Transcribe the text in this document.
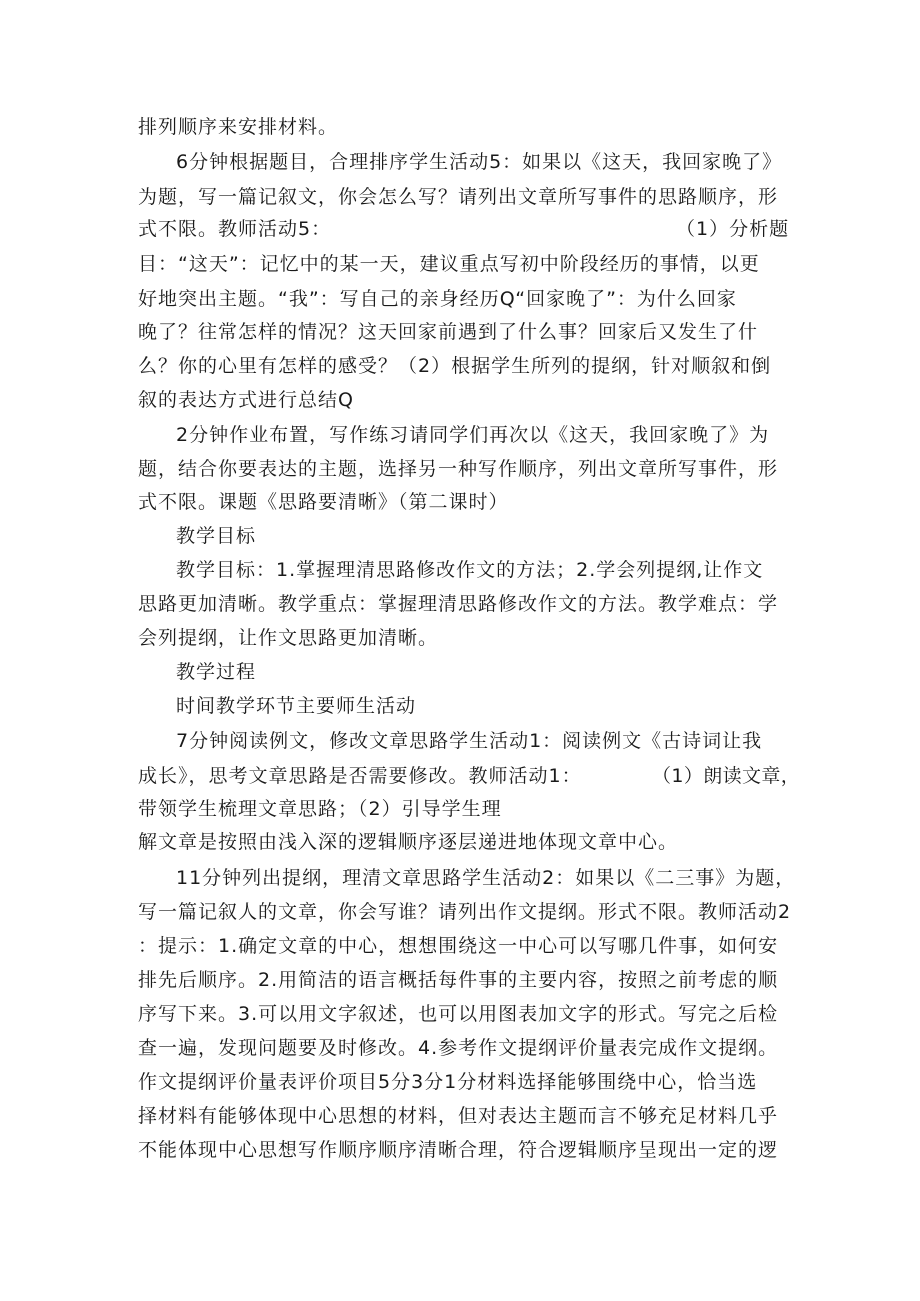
排列顺序来安排材料。
6分钟根据题目，合理排序学生活动5：如果以《这天，我回家晚了》
为题，写一篇记叙文，你会怎么写？请列出文章所写事件的思路顺序，形
式不限。教师活动5：	（1）分析题
目：“这天”：记忆中的某一天，建议重点写初中阶段经历的事情，以更
好地突出主题。“我”：写自己的亲身经历Q“回家晚了”：为什么回家
晚了？往常怎样的情况？这天回家前遇到了什么事？回家后又发生了什
么？你的心里有怎样的感受？（2）根据学生所列的提纲，针对顺叙和倒
叙的表达方式进行总结Q
2分钟作业布置，写作练习请同学们再次以《这天，我回家晚了》为
题，结合你要表达的主题，选择另一种写作顺序，列出文章所写事件，形
式不限。课题《思路要清晰》（第二课时）
教学目标
教学目标：1.掌握理清思路修改作文的方法；2.学会列提纲,让作文
思路更加清晰。教学重点：掌握理清思路修改作文的方法。教学难点：学
会列提纲，让作文思路更加清晰。
教学过程
时间教学环节主要师生活动
7分钟阅读例文，修改文章思路学生活动1：阅读例文《古诗词让我
成长》，思考文章思路是否需要修改。教师活动1：	（1）朗读文章，
带领学生梳理文章思路；（2）引导学生理
解文章是按照由浅入深的逻辑顺序逐层递进地体现文章中心。
11分钟列出提纲，理清文章思路学生活动2：如果以《二三事》为题，
写一篇记叙人的文章，你会写谁？请列出作文提纲。形式不限。教师活动2
：提示：1.确定文章的中心，想想围绕这一中心可以写哪几件事，如何安
排先后顺序。2.用简洁的语言概括每件事的主要内容，按照之前考虑的顺
序写下来。3.可以用文字叙述，也可以用图表加文字的形式。写完之后检
查一遍，发现问题要及时修改。4.参考作文提纲评价量表完成作文提纲。
作文提纲评价量表评价项目5分3分1分材料选择能够围绕中心，恰当选
择材料有能够体现中心思想的材料，但对表达主题而言不够充足材料几乎
不能体现中心思想写作顺序顺序清晰合理，符合逻辑顺序呈现出一定的逻
